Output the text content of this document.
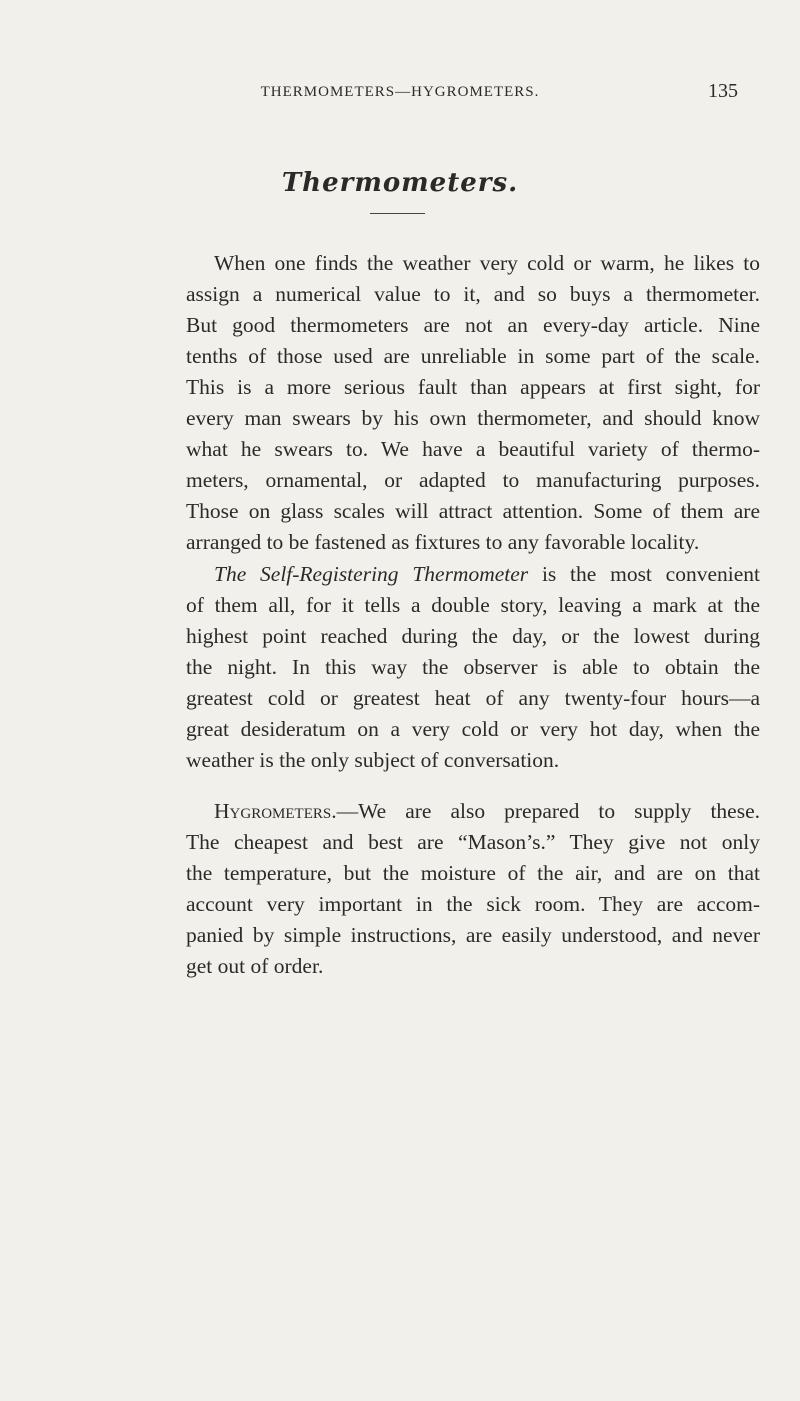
THERMOMETERS—HYGROMETERS.	135
Thermometers.
When one finds the weather very cold or warm, he likes to
assign a numerical value to it, and so buys a thermometer.
But good thermometers are not an every-day article. Nine
tenths of those used are unreliable in some part of the scale.
This is a more serious fault than appears at first sight, for
every man swears by his own thermometer, and should know
what he swears to. We have a beautiful variety of thermo-
meters, ornamental, or adapted to manufacturing purposes.
Those on glass scales will attract attention. Some of them are
arranged to be fastened as fixtures to any favorable locality.
The Self-Registering Thermometer is the most convenient
of them all, for it tells a double story, leaving a mark at the
highest point reached during the day, or the lowest during
the night. In this way the observer is able to obtain the
greatest cold or greatest heat of any twenty-four hours—a
great desideratum on a very cold or very hot day, when the
weather is the only subject of conversation.
Hygrometers.—We are also prepared to supply these.
The cheapest and best are “Mason’s.” They give not only
the temperature, but the moisture of the air, and are on that
account very important in the sick room. They are accom-
panied by simple instructions, are easily understood, and never
get out of order.
